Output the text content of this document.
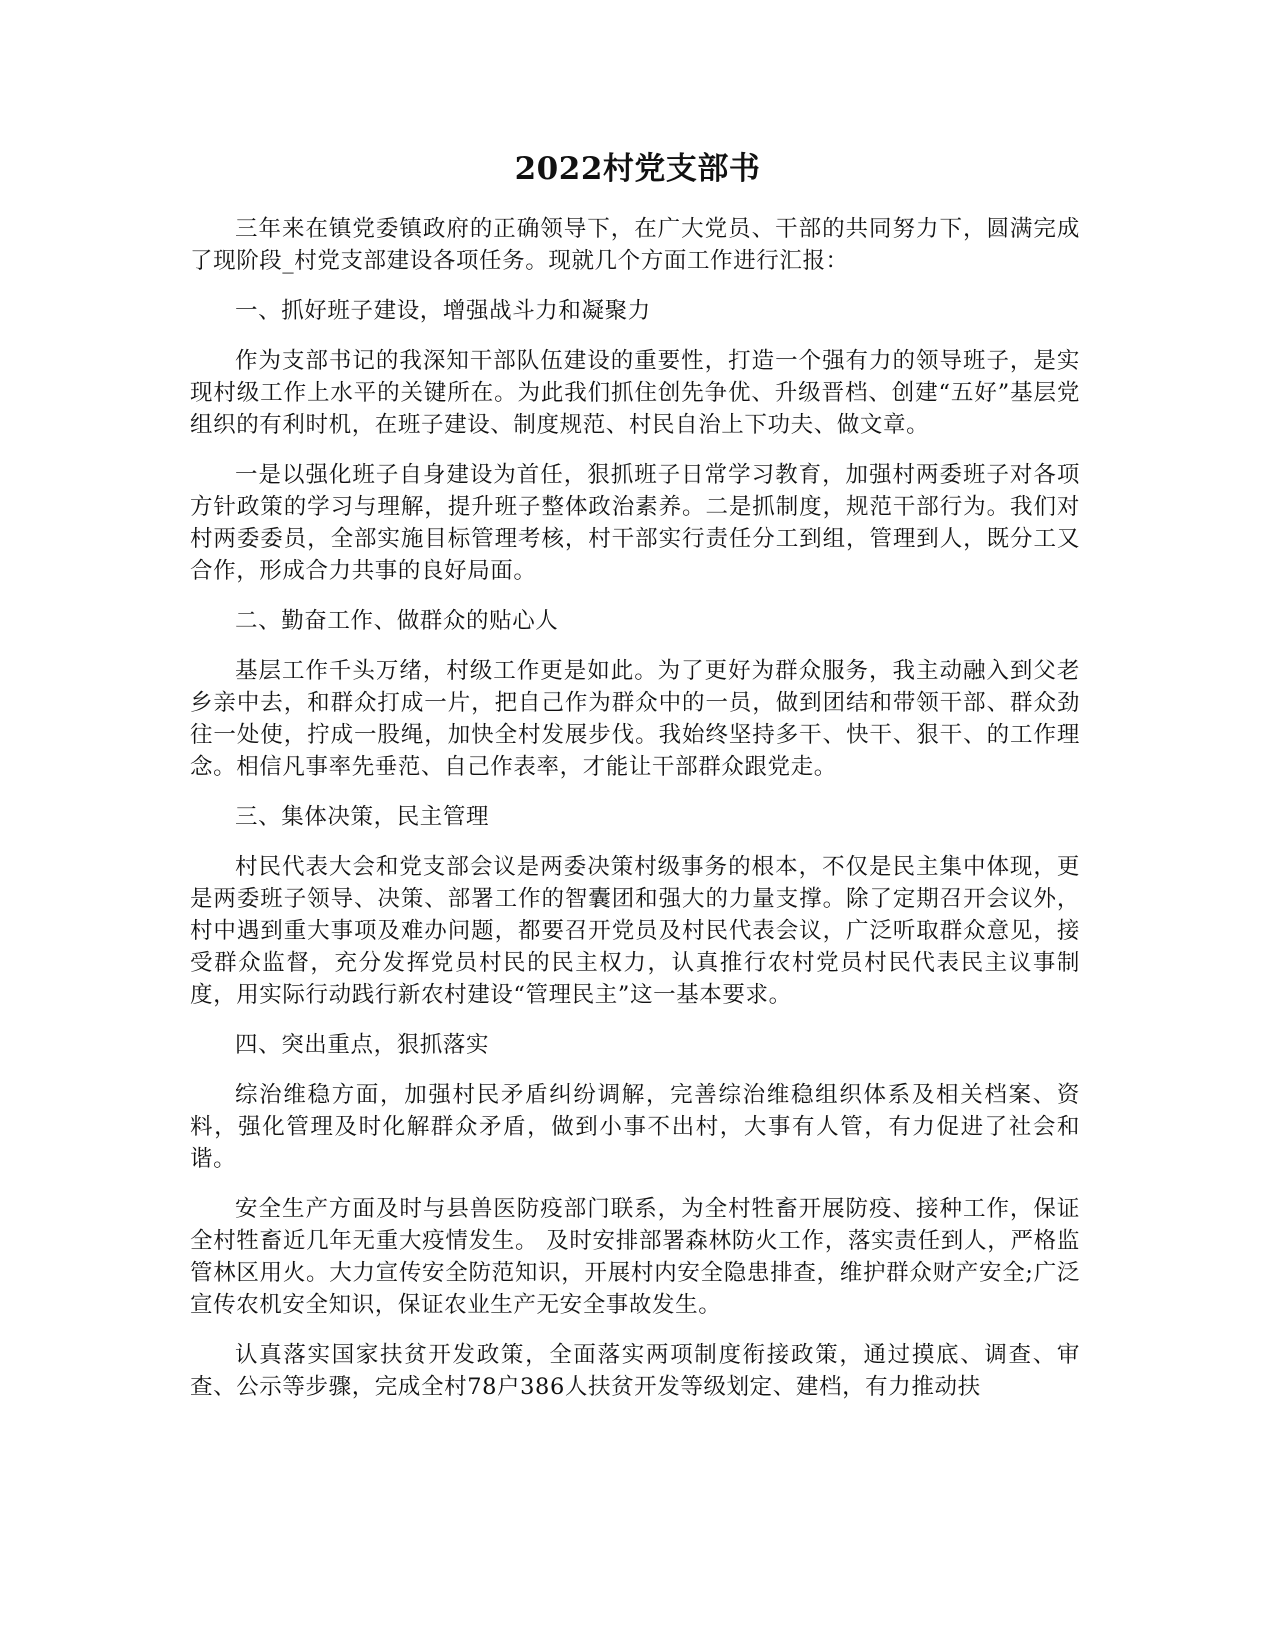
2022村党支部书

三年来在镇党委镇政府的正确领导下，在广大党员、干部的共同努力下，圆满完成了现阶段_村党支部建设各项任务。现就几个方面工作进行汇报：

一、抓好班子建设，增强战斗力和凝聚力

作为支部书记的我深知干部队伍建设的重要性，打造一个强有力的领导班子，是实现村级工作上水平的关键所在。为此我们抓住创先争优、升级晋档、创建“五好”基层党组织的有利时机，在班子建设、制度规范、村民自治上下功夫、做文章。

一是以强化班子自身建设为首任，狠抓班子日常学习教育，加强村两委班子对各项方针政策的学习与理解，提升班子整体政治素养。二是抓制度，规范干部行为。我们对村两委委员，全部实施目标管理考核，村干部实行责任分工到组，管理到人，既分工又合作，形成合力共事的良好局面。

二、勤奋工作、做群众的贴心人

基层工作千头万绪，村级工作更是如此。为了更好为群众服务，我主动融入到父老乡亲中去，和群众打成一片，把自己作为群众中的一员，做到团结和带领干部、群众劲往一处使，拧成一股绳，加快全村发展步伐。我始终坚持多干、快干、狠干、的工作理念。相信凡事率先垂范、自己作表率，才能让干部群众跟党走。

三、集体决策，民主管理

村民代表大会和党支部会议是两委决策村级事务的根本，不仅是民主集中体现，更是两委班子领导、决策、部署工作的智囊团和强大的力量支撑。除了定期召开会议外，村中遇到重大事项及难办问题，都要召开党员及村民代表会议，广泛听取群众意见，接受群众监督，充分发挥党员村民的民主权力，认真推行农村党员村民代表民主议事制度，用实际行动践行新农村建设“管理民主”这一基本要求。

四、突出重点，狠抓落实

综治维稳方面，加强村民矛盾纠纷调解，完善综治维稳组织体系及相关档案、资料，强化管理及时化解群众矛盾，做到小事不出村，大事有人管，有力促进了社会和谐。

安全生产方面及时与县兽医防疫部门联系，为全村牲畜开展防疫、接种工作，保证全村牲畜近几年无重大疫情发生。 及时安排部署森林防火工作，落实责任到人，严格监管林区用火。大力宣传安全防范知识，开展村内安全隐患排查，维护群众财产安全;广泛宣传农机安全知识，保证农业生产无安全事故发生。

认真落实国家扶贫开发政策，全面落实两项制度衔接政策，通过摸底、调查、审查、公示等步骤，完成全村78户386人扶贫开发等级划定、建档，有力推动扶
